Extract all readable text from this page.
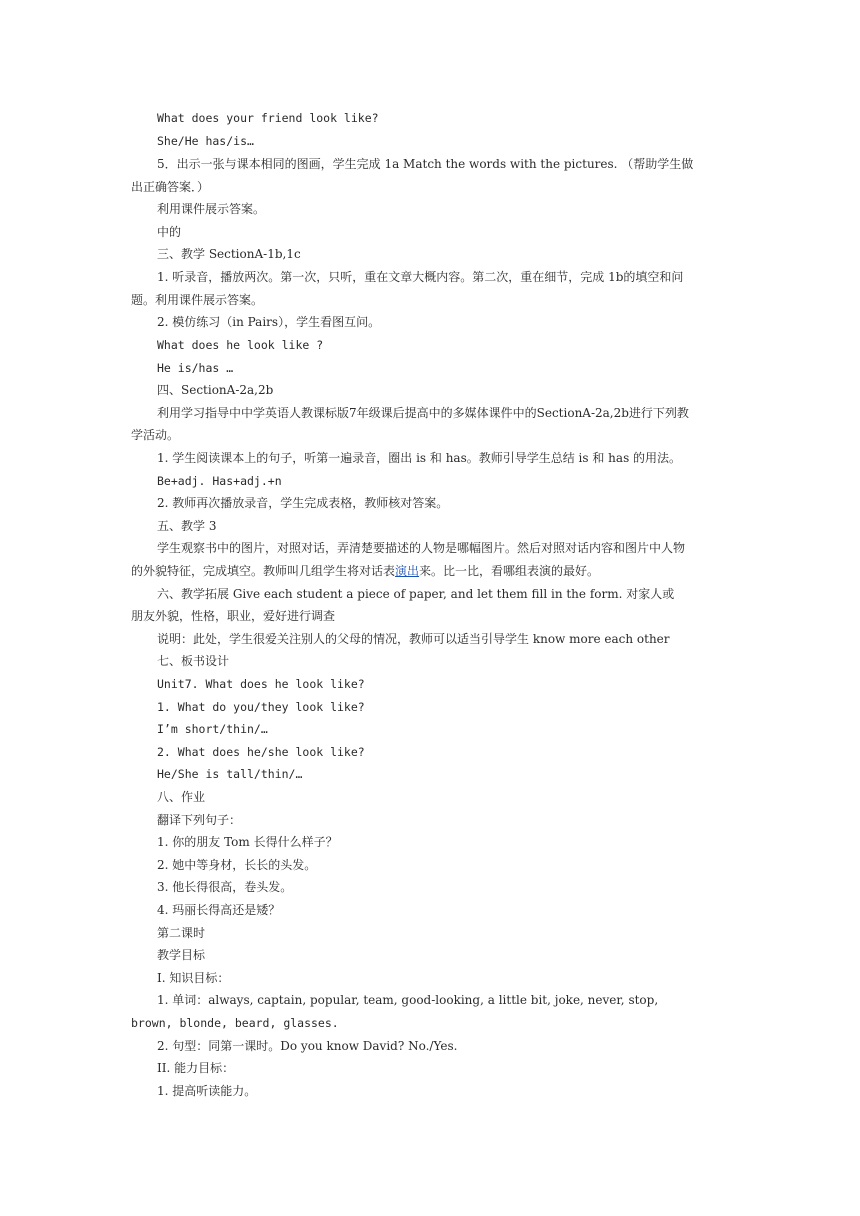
What does your friend look like?
She/He has/is…
5．出示一张与课本相同的图画，学生完成 1a Match the words with the pictures. （帮助学生做
出正确答案．）
利用课件展示答案。
中的
三、教学 SectionA-1b,1c
1. 听录音，播放两次。第一次，只听，重在文章大概内容。第二次，重在细节，完成 1b的填空和问
题。利用课件展示答案。
2. 模仿练习（in Pairs），学生看图互问。
What does he look like ?
He is/has …
四、SectionA-2a,2b
利用学习指导中中学英语人教课标版7年级课后提高中的多媒体课件中的SectionA-2a,2b进行下列教
学活动。
1. 学生阅读课本上的句子，听第一遍录音，圈出 is 和 has。教师引导学生总结 is 和 has 的用法。
Be+adj. Has+adj.+n
2. 教师再次播放录音，学生完成表格，教师核对答案。
五、教学 3
学生观察书中的图片，对照对话，弄清楚要描述的人物是哪幅图片。然后对照对话内容和图片中人物
的外貌特征，完成填空。教师叫几组学生将对话表演出来。比一比，看哪组表演的最好。
六、教学拓展 Give each student a piece of paper, and let them fill in the form. 对家人或
朋友外貌，性格，职业，爱好进行调查
说明：此处，学生很爱关注别人的父母的情况，教师可以适当引导学生 know more each other
七、板书设计
Unit7. What does he look like?
1. What do you/they look like?
I’m short/thin/…
2. What does he/she look like?
He/She is tall/thin/…
八、作业
翻译下列句子：
1. 你的朋友 Tom 长得什么样子？
2. 她中等身材，长长的头发。
3. 他长得很高，卷头发。
4. 玛丽长得高还是矮？
第二课时
教学目标
I. 知识目标：
1. 单词：always, captain, popular, team, good-looking, a little bit, joke, never, stop,
brown, blonde, beard, glasses.
2. 句型：同第一课时。Do you know David? No./Yes.
II. 能力目标：
1. 提高听读能力。
